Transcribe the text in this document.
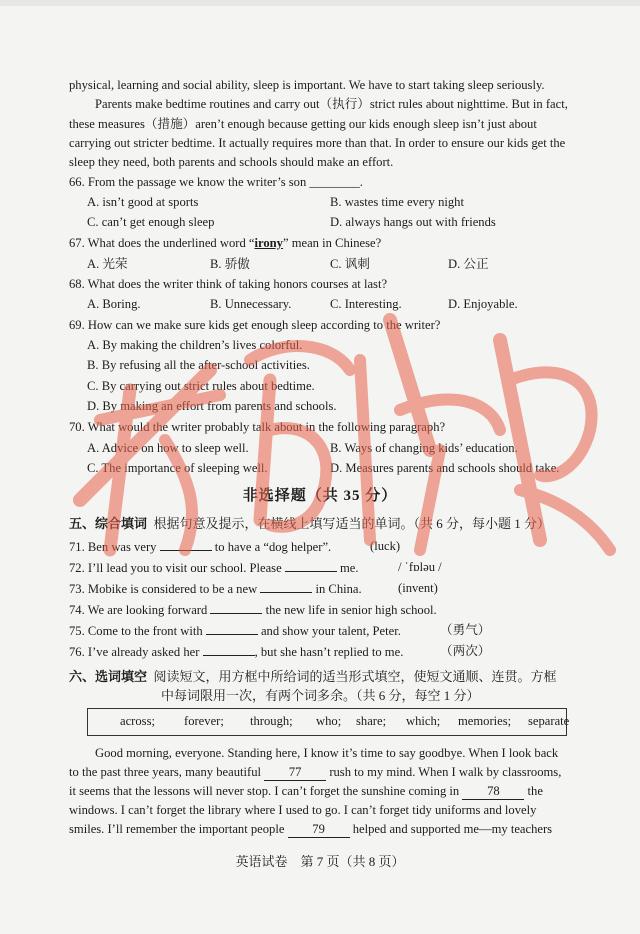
physical, learning and social ability, sleep is important. We have to start taking sleep seriously.
Parents make bedtime routines and carry out（执行）strict rules about nighttime. But in fact,
these measures（措施）aren’t enough because getting our kids enough sleep isn’t just about
carrying out stricter bedtime. It actually requires more than that. In order to ensure our kids get the
sleep they need, both parents and schools should make an effort.
66. From the passage we know the writer’s son ________.
A. isn’t good at sports	B. wastes time every night
C. can’t get enough sleep	D. always hangs out with friends
67. What does the underlined word “irony” mean in Chinese?
A. 光荣	B. 骄傲	C. 讽刺	D. 公正
68. What does the writer think of taking honors courses at last?
A. Boring.	B. Unnecessary.	C. Interesting.	D. Enjoyable.
69. How can we make sure kids get enough sleep according to the writer?
A. By making the children’s lives colorful.
B. By refusing all the after-school activities.
C. By carrying out strict rules about bedtime.
D. By making an effort from parents and schools.
70. What would the writer probably talk about in the following paragraph?
A. Advice on how to sleep well.	B. Ways of changing kids’ education.
C. The importance of sleeping well.	D. Measures parents and schools should take.
非选择题（共 35 分）
五、综合填词 根据句意及提示，在横线上填写适当的单词。（共 6 分，每小题 1 分）
71. Ben was very	to have a “dog helper”.	(luck)
72. I’ll lead you to visit our school. Please	me.	/ ˈfɒləu /
73. Mobike is considered to be a new	in China.	(invent)
74. We are looking forward	the new life in senior high school.
75. Come to the front with	and show your talent, Peter.	（勇气）
76. I’ve already asked her	, but she hasn’t replied to me.	（两次）
六、选词填空 阅读短文，用方框中所给词的适当形式填空，使短文通顺、连贯。方框
中每词限用一次，有两个词多余。（共 6 分，每空 1 分）
across; forever; through; who; share; which; memories; separate
Good morning, everyone. Standing here, I know it’s time to say goodbye. When I look back
to the past three years, many beautiful 77 rush to my mind. When I walk by classrooms,
it seems that the lessons will never stop. I can’t forget the sunshine coming in 78 the
windows. I can’t forget the library where I used to go. I can’t forget tidy uniforms and lovely
smiles. I’ll remember the important people 79 helped and supported me—my teachers
英语试卷　第 7 页（共 8 页）
